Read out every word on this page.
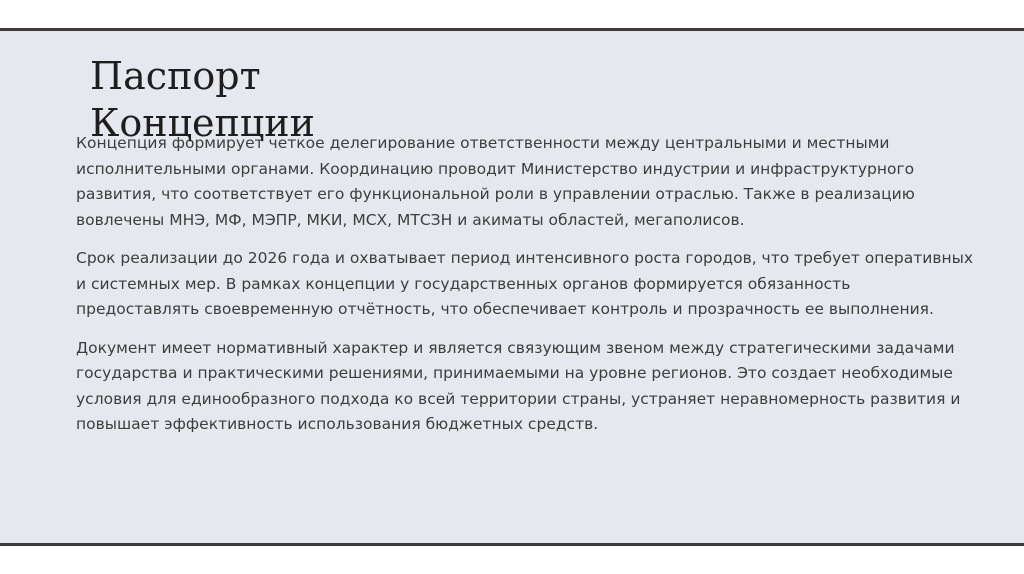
Концепция формирует четкое делегирование ответственности между центральными и местными исполнительными органами. Координацию проводит Министерство индустрии и инфраструктурного развития, что соответствует его функциональной роли в управлении отраслью. Также в реализацию вовлечены МНЭ, МФ, МЭПР, МКИ, МСХ, МТСЗН и акиматы областей, мегаполисов.

Срок реализации до 2026 года и охватывает период интенсивного роста городов, что требует оперативных и системных мер. В рамках концепции у государственных органов формируется обязанность предоставлять своевременную отчётность, что обеспечивает контроль и прозрачность ее выполнения.

Документ имеет нормативный характер и является связующим звеном между стратегическими задачами государства и практическими решениями, принимаемыми на уровне регионов. Это создает необходимые условия для единообразного подхода ко всей территории страны, устраняет неравномерность развития и повышает эффективность использования бюджетных средств.

Паспорт
Концепции
